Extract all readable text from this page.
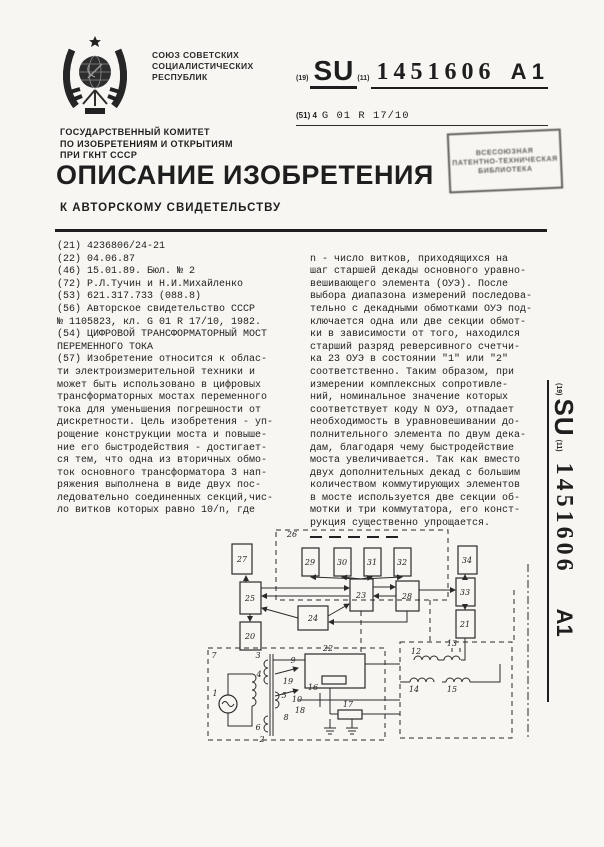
СОЮЗ СОВЕТСКИХ
СОЦИАЛИСТИЧЕСКИХ
РЕСПУБЛИК	(19) SU (11) 1451606 A 1
(51) 4 G 01 R 17/10
ВСЕСОЮЗНАЯ
ПАТЕНТНО-ТЕХНИЧЕСКАЯ
БИБЛИОТЕКА
ГОСУДАРСТВЕННЫЙ КОМИТЕТ
ПО ИЗОБРЕТЕНИЯМ И ОТКРЫТИЯМ
ПРИ ГКНТ СССР
ОПИСАНИЕ ИЗОБРЕТЕНИЯ
К АВТОРСКОМУ СВИДЕТЕЛЬСТВУ
(21) 4236806/24-21
(22) 04.06.87
(46) 15.01.89. Бюл. № 2
(72) Р.Л.Тучин и Н.И.Михайленко
(53) 621.317.733 (088.8)
(56) Авторское свидетельство СССР
№ 1105823, кл. G 01 R 17/10, 1982.
(54) ЦИФРОВОЙ ТРАНСФОРМАТОРНЫЙ МОСТ
ПЕРЕМЕННОГО ТОКА
(57) Изобретение относится к облас-
ти электроизмерительной техники и
может быть использовано в цифровых
трансформаторных мостах переменного
тока для уменьшения погрешности от
дискретности. Цель изобретения - уп-
рощение конструкции моста и повыше-
ние его быстродействия - достигает-
ся тем, что одна из вторичных обмо-
ток основного трансформатора 3 нап-
ряжения выполнена в виде двух пос-
ледовательно соединенных секций,чис-
ло витков которых равно 10/n, где

n - число витков, приходящихся на
шаг старшей декады основного уравно-
вешивающего элемента (ОУЭ). После
выбора диапазона измерений последова-
тельно с декадными обмотками ОУЭ под-
ключается одна или две секции обмот-
ки в зависимости от того, находился
старший разряд реверсивного счетчи-
ка 23 ОУЭ в состоянии "1" или "2"
соответственно. Таким образом, при
измерении комплексных сопротивле-
ний, номинальное значение которых
соответствует коду N ОУЭ, отпадает
необходимость в уравновешивании до-
полнительного элемента по двум дека-
дам, благодаря чему быстродействие
моста увеличивается. Так как вместо
двух дополнительных декад с большим
количеством коммутирующих элементов
в мосте используется две секции об-
мотки и три коммутатора, его конст-
рукция существенно упрощается.

(19)
SU
(11)
1451606
A1
26
27	29	30 31 32	34
25	23	28	33
24
20
21
7
1
4
3
5
6
2
8
9
10
22
16
17
18
19
12
13
14	15
